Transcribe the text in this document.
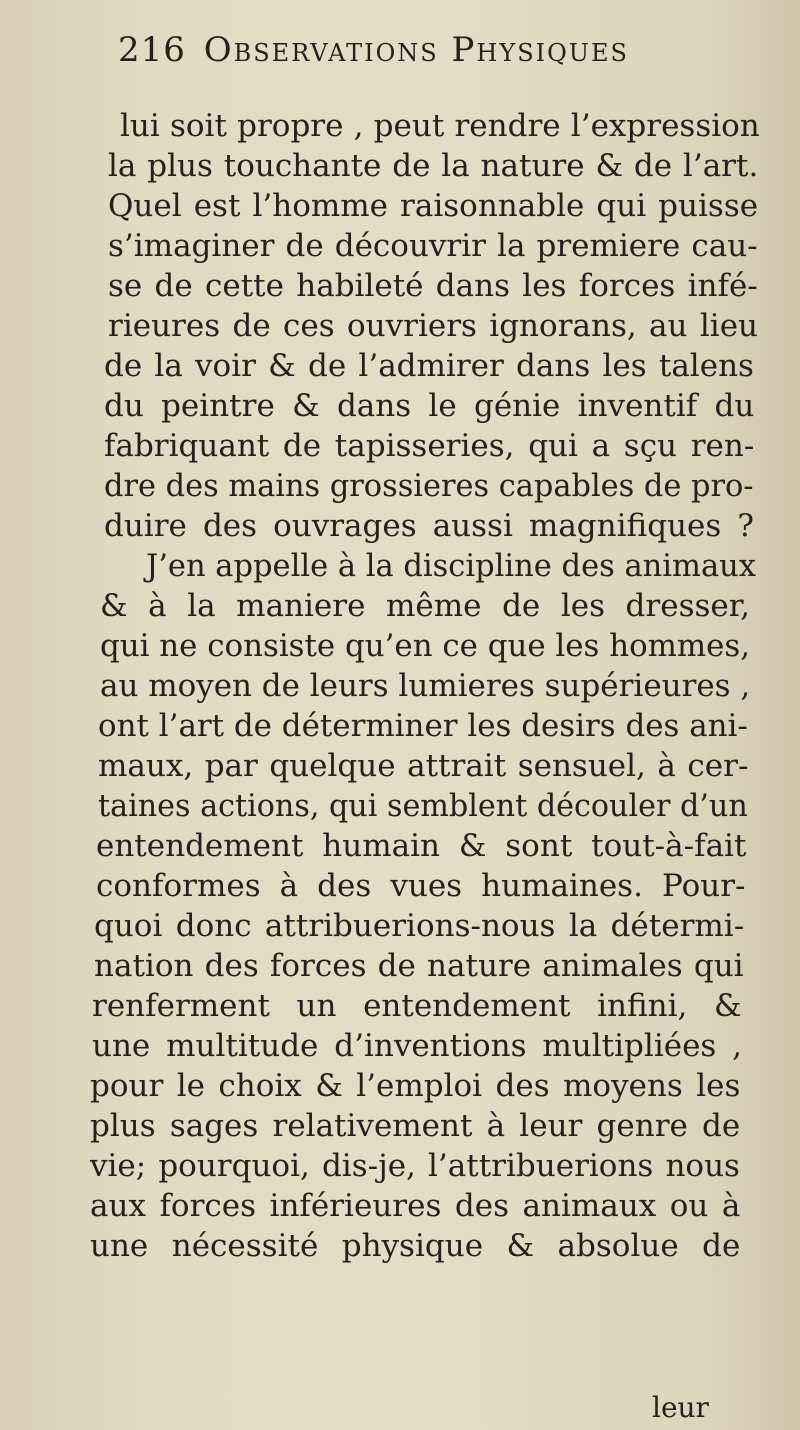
216 Observations Physiques
lui soit propre , peut rendre l’expression
la plus touchante de la nature & de l’art.
Quel est l’homme raisonnable qui puisse
s’imaginer de découvrir la premiere cau-
se de cette habileté dans les forces infé-
rieures de ces ouvriers ignorans, au lieu
de la voir & de l’admirer dans les talens
du peintre & dans le génie inventif du
fabriquant de tapisseries, qui a sçu ren-
dre des mains grossieres capables de pro-
duire des ouvrages aussi magnifiques ?
J’en appelle à la discipline des animaux
& à la maniere même de les dresser,
qui ne consiste qu’en ce que les hommes,
au moyen de leurs lumieres supérieures ,
ont l’art de déterminer les desirs des ani-
maux, par quelque attrait sensuel, à cer-
taines actions, qui semblent découler d’un
entendement humain & sont tout-à-fait
conformes à des vues humaines. Pour-
quoi donc attribuerions-nous la détermi-
nation des forces de nature animales qui
renferment un entendement infini, &
une multitude d’inventions multipliées ,
pour le choix & l’emploi des moyens les
plus sages relativement à leur genre de
vie; pourquoi, dis-je, l’attribuerions nous
aux forces inférieures des animaux ou à
une nécessité physique & absolue de
leur
